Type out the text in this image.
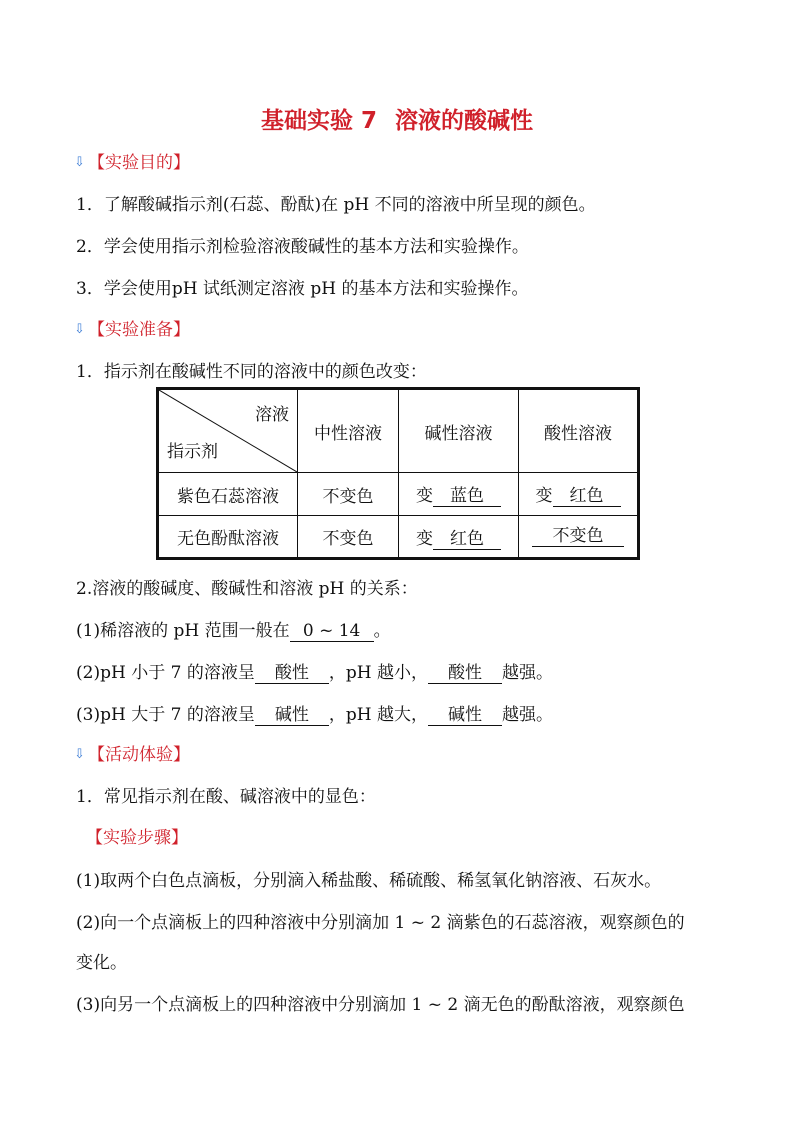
基础实验 7 溶液的酸碱性
⇩ 【实验目的】
1．了解酸碱指示剂(石蕊、酚酞)在 pH 不同的溶液中所呈现的颜色。
2．学会使用指示剂检验溶液酸碱性的基本方法和实验操作。
3．学会使用pH 试纸测定溶液 pH 的基本方法和实验操作。
⇩ 【实验准备】
1．指示剂在酸碱性不同的溶液中的颜色改变：
溶液
指示剂	中性溶液	碱性溶液	酸性溶液
紫色石蕊溶液	不变色	变 蓝色	变 红色
无色酚酞溶液	不变色	变 红色	不变色
2.溶液的酸碱度、酸碱性和溶液 pH 的关系：
(1)稀溶液的 pH 范围一般在 0 ~ 14 。
(2)pH 小于 7 的溶液呈 酸性 ，pH 越小， 酸性 越强。
(3)pH 大于 7 的溶液呈 碱性 ，pH 越大， 碱性 越强。
⇩ 【活动体验】
1．常见指示剂在酸、碱溶液中的显色：
【实验步骤】
(1)取两个白色点滴板，分别滴入稀盐酸、稀硫酸、稀氢氧化钠溶液、石灰水。
(2)向一个点滴板上的四种溶液中分别滴加 1 ~ 2 滴紫色的石蕊溶液，观察颜色的
变化。
(3)向另一个点滴板上的四种溶液中分别滴加 1 ~ 2 滴无色的酚酞溶液，观察颜色
